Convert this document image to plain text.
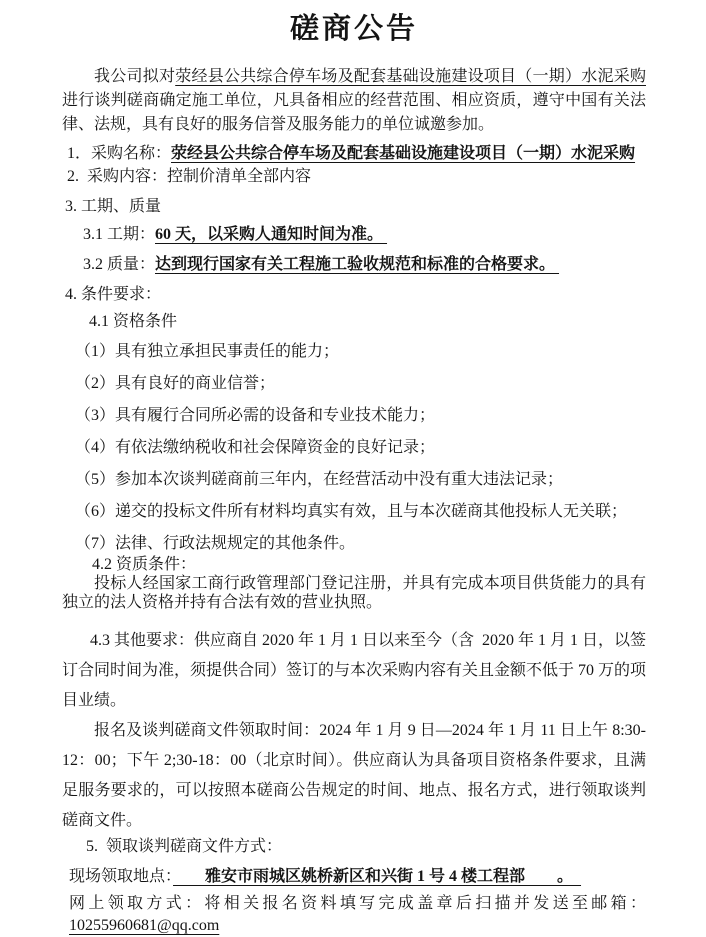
磋商公告
我公司拟对荥经县公共综合停车场及配套基础设施建设项目（一期）水泥采购进行谈判磋商确定施工单位，凡具备相应的经营范围、相应资质，遵守中国有关法律、法规，具有良好的服务信誉及服务能力的单位诚邀参加。
1．采购名称：荥经县公共综合停车场及配套基础设施建设项目（一期）水泥采购
2.  采购内容：控制价清单全部内容
3. 工期、质量
3.1 工期：60 天，以采购人通知时间为准。
3.2 质量：达到现行国家有关工程施工验收规范和标准的合格要求。
4. 条件要求：
4.1 资格条件
（1）具有独立承担民事责任的能力；
（2）具有良好的商业信誉；
（3）具有履行合同所必需的设备和专业技术能力；
（4）有依法缴纳税收和社会保障资金的良好记录；
（5）参加本次谈判磋商前三年内，在经营活动中没有重大违法记录；
（6）递交的投标文件所有材料均真实有效，且与本次磋商其他投标人无关联；
（7）法律、行政法规规定的其他条件。
4.2 资质条件：
投标人经国家工商行政管理部门登记注册，并具有完成本项目供货能力的具有独立的法人资格并持有合法有效的营业执照。
4.3 其他要求：供应商自 2020 年 1 月 1 日以来至今（含  2020 年 1 月 1 日，以签订合同时间为准，须提供合同）签订的与本次采购内容有关且金额不低于 70 万的项目业绩。
报名及谈判磋商文件领取时间：2024 年 1 月 9 日—2024 年 1 月 11 日上午 8:30-12：00；下午 2;30-18：00（北京时间）。供应商认为具备项目资格条件要求，且满足服务要求的，可以按照本磋商公告规定的时间、地点、报名方式，进行领取谈判磋商文件。
5.  领取谈判磋商文件方式：
现场领取地点：　　雅安市雨城区姚桥新区和兴街 1 号 4 楼工程部　　。　
网上领取方式：将相关报名资料填写完成盖章后扫描并发送至邮箱：10255960681@qq.com
